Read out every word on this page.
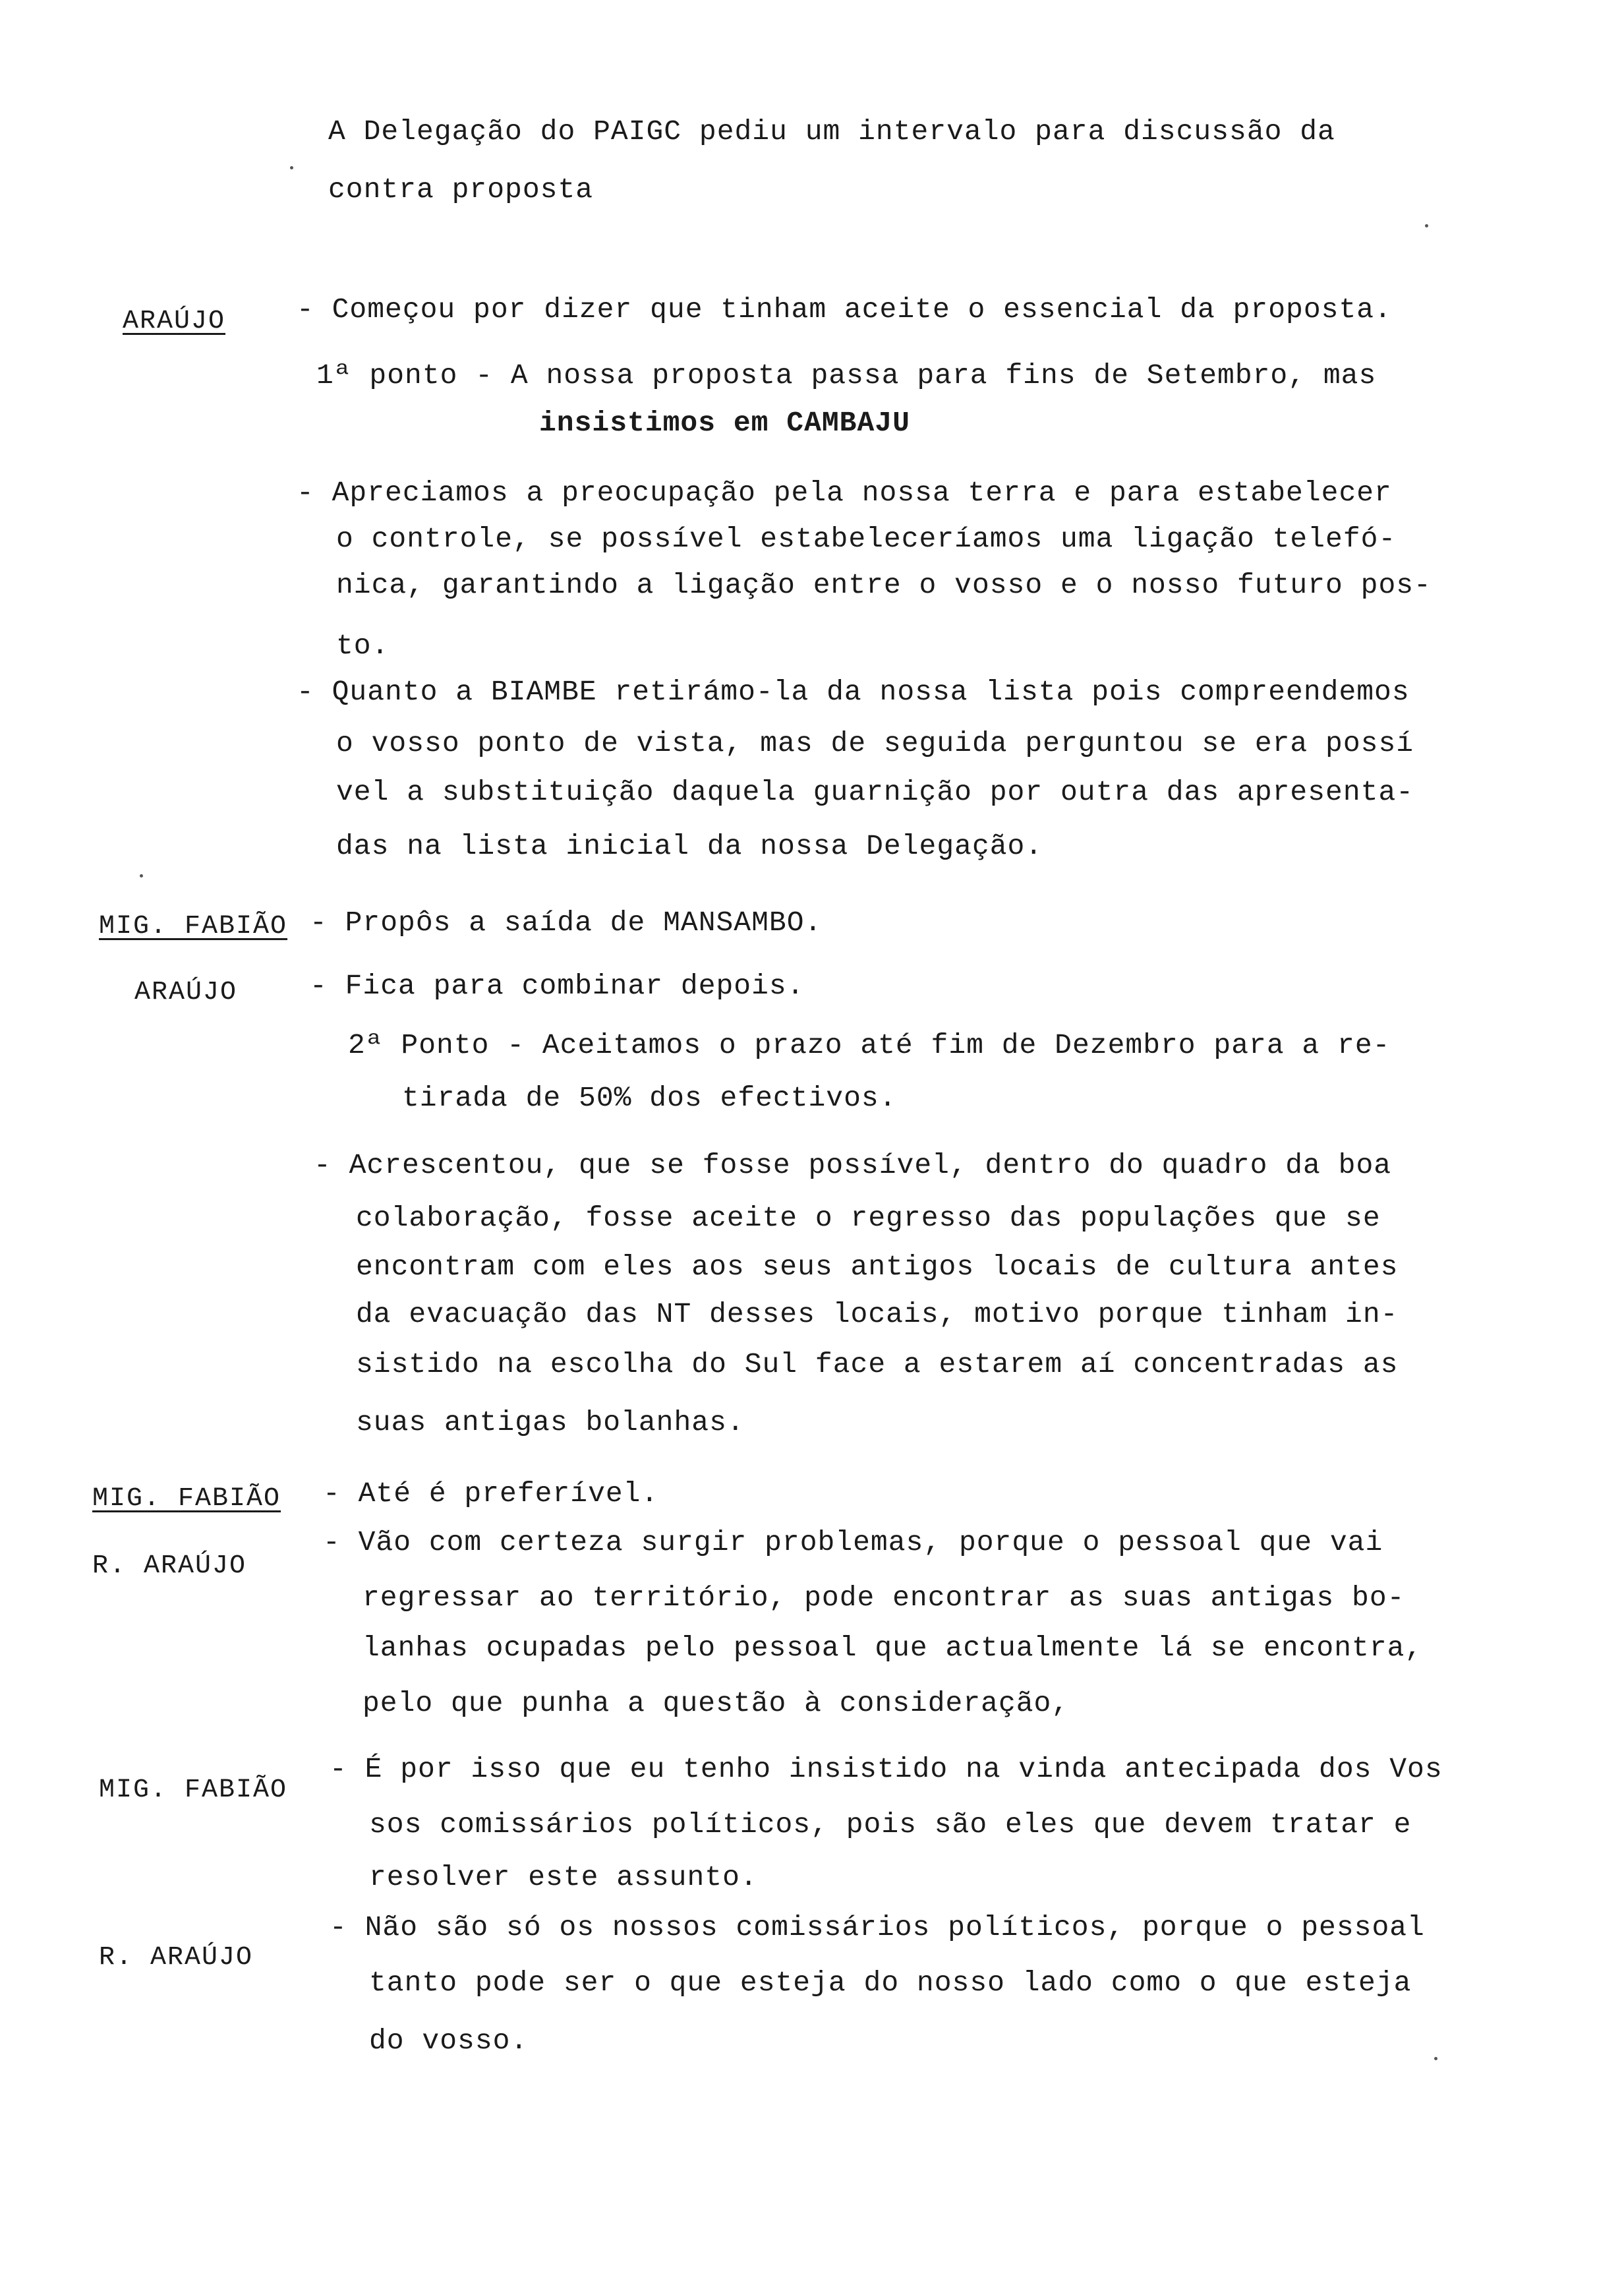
A Delegação do PAIGC pediu um intervalo para discussão da
contra proposta
ARAÚJO	- Começou por dizer que tinham aceite o essencial da proposta.
1ª ponto - A nossa proposta passa para fins de Setembro, mas
insistimos em CAMBAJU
- Apreciamos a preocupação pela nossa terra e para estabelecer
o controle, se possível estabeleceríamos uma ligação telefó-
nica, garantindo a ligação entre o vosso e o nosso futuro pos-
to.
- Quanto a BIAMBE retirámo-la da nossa lista pois compreendemos
o vosso ponto de vista, mas de seguida perguntou se era possí
vel a substituição daquela guarnição por outra das apresenta-
das na lista inicial da nossa Delegação.
MIG. FABIÃO - Propôs a saída de MANSAMBO.
ARAÚJO	- Fica para combinar depois.
2ª Ponto - Aceitamos o prazo até fim de Dezembro para a re-
tirada de 50% dos efectivos.
- Acrescentou, que se fosse possível, dentro do quadro da boa
colaboração, fosse aceite o regresso das populações que se
encontram com eles aos seus antigos locais de cultura antes
da evacuação das NT desses locais, motivo porque tinham in-
sistido na escolha do Sul face a estarem aí concentradas as
suas antigas bolanhas.
MIG. FABIÃO - Até é preferível.
R. ARAÚJO
- Vão com certeza surgir problemas, porque o pessoal que vai
regressar ao território, pode encontrar as suas antigas bo-
lanhas ocupadas pelo pessoal que actualmente lá se encontra,
pelo que punha a questão à consideração,
MIG. FABIÃO
- É por isso que eu tenho insistido na vinda antecipada dos Vos
sos comissários políticos, pois são eles que devem tratar e
resolver este assunto.
R. ARAÚJO
- Não são só os nossos comissários políticos, porque o pessoal
tanto pode ser o que esteja do nosso lado como o que esteja
do vosso.
